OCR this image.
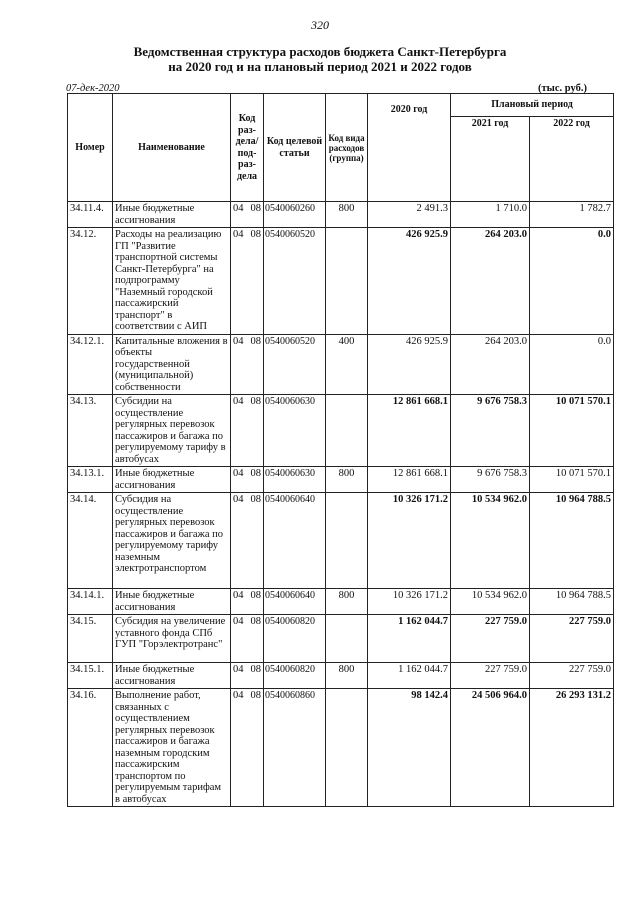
320
Ведомственная структура расходов бюджета Санкт-Петербурга
на 2020 год и на плановый период 2021 и 2022 годов
07-дек-2020	(тыс. руб.)
Номер	Наименование	Код раз-дела/ под-раз-дела		Код целевой статьи	Код вида расходов (группа)	2020 год	Плановый период	
							2021 год	2022 год
34.11.4.	Иные бюджетные ассигнования	04	08	0540060260	800	2 491.3	1 710.0	1 782.7
34.12.	Расходы на реализацию ГП "Развитие транспортной системы Санкт-Петербурга" на подпрограмму "Наземный городской пассажирский транспорт" в соответствии с АИП	04	08	0540060520		426 925.9	264 203.0	0.0
34.12.1.	Капитальные вложения в объекты государственной (муниципальной) собственности	04	08	0540060520	400	426 925.9	264 203.0	0.0
34.13.	Субсидии на осуществление регулярных перевозок пассажиров и багажа по регулируемому тарифу в автобусах	04	08	0540060630		12 861 668.1	9 676 758.3	10 071 570.1
34.13.1.	Иные бюджетные ассигнования	04	08	0540060630	800	12 861 668.1	9 676 758.3	10 071 570.1
34.14.	Субсидия на осуществление регулярных перевозок пассажиров и багажа по регулируемому тарифу наземным электротранспортом	04	08	0540060640		10 326 171.2	10 534 962.0	10 964 788.5
34.14.1.	Иные бюджетные ассигнования	04	08	0540060640	800	10 326 171.2	10 534 962.0	10 964 788.5
34.15.	Субсидия на увеличение уставного фонда СПб ГУП "Горэлектротранс"	04	08	0540060820		1 162 044.7	227 759.0	227 759.0
34.15.1.	Иные бюджетные ассигнования	04	08	0540060820	800	1 162 044.7	227 759.0	227 759.0
34.16.	Выполнение работ, связанных с осуществлением регулярных перевозок пассажиров и багажа наземным городским пассажирским транспортом по регулируемым тарифам в автобусах	04	08	0540060860		98 142.4	24 506 964.0	26 293 131.2
